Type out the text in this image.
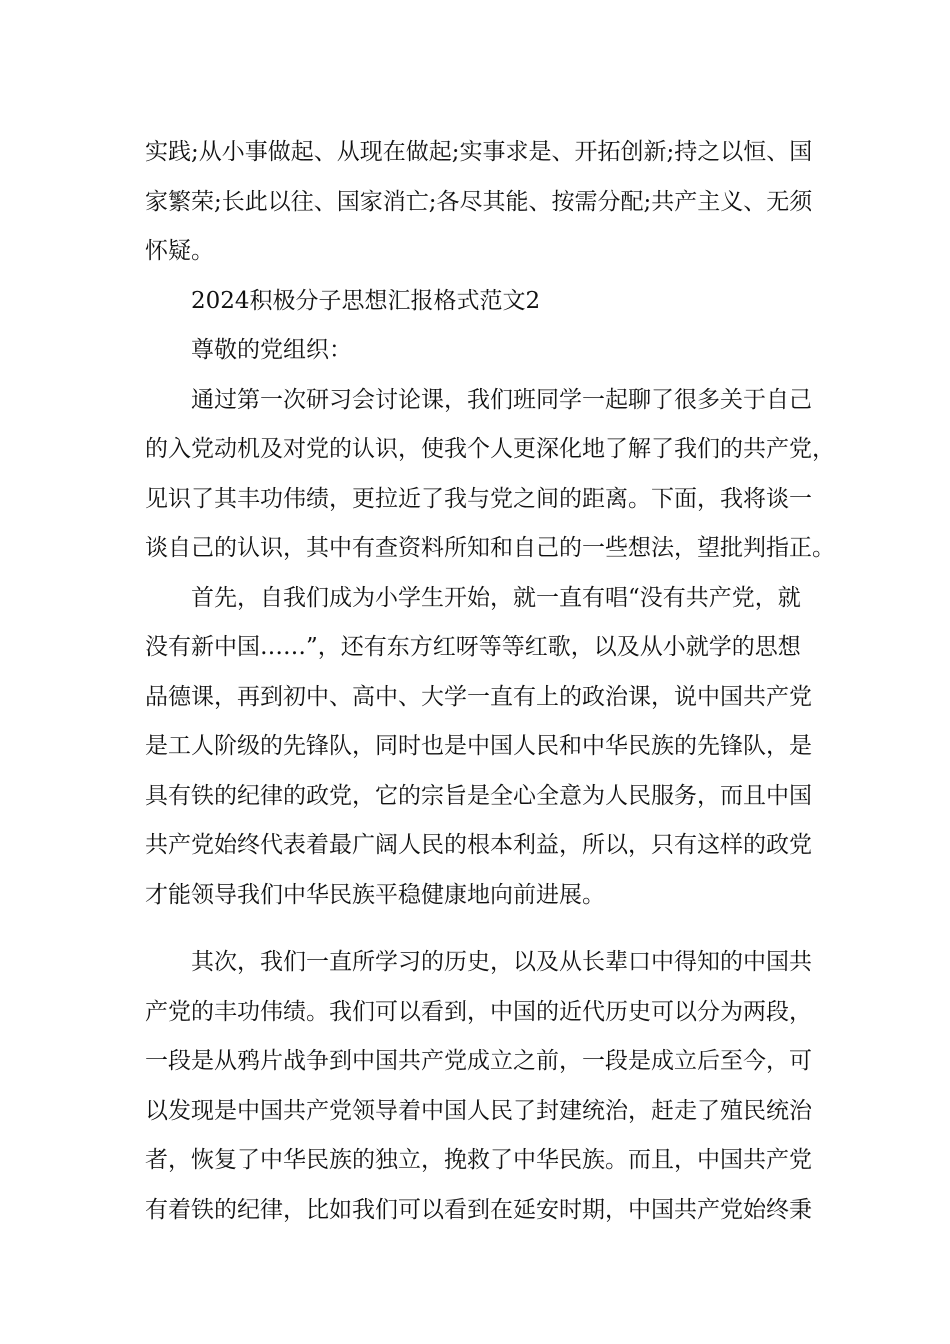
实践;从小事做起、从现在做起;实事求是、开拓创新;持之以恒、国
家繁荣;长此以往、国家消亡;各尽其能、按需分配;共产主义、无须
怀疑。
2024积极分子思想汇报格式范文2
尊敬的党组织：
通过第一次研习会讨论课，我们班同学一起聊了很多关于自己
的入党动机及对党的认识，使我个人更深化地了解了我们的共产党，
见识了其丰功伟绩，更拉近了我与党之间的距离。下面，我将谈一
谈自己的认识，其中有查资料所知和自己的一些想法，望批判指正。
首先，自我们成为小学生开始，就一直有唱“没有共产党，就
没有新中国……”，还有东方红呀等等红歌，以及从小就学的思想
品德课，再到初中、高中、大学一直有上的政治课，说中国共产党
是工人阶级的先锋队，同时也是中国人民和中华民族的先锋队，是
具有铁的纪律的政党，它的宗旨是全心全意为人民服务，而且中国
共产党始终代表着最广阔人民的根本利益，所以，只有这样的政党
才能领导我们中华民族平稳健康地向前进展。
其次，我们一直所学习的历史，以及从长辈口中得知的中国共
产党的丰功伟绩。我们可以看到，中国的近代历史可以分为两段，
一段是从鸦片战争到中国共产党成立之前，一段是成立后至今，可
以发现是中国共产党领导着中国人民了封建统治，赶走了殖民统治
者，恢复了中华民族的独立，挽救了中华民族。而且，中国共产党
有着铁的纪律，比如我们可以看到在延安时期，中国共产党始终秉
